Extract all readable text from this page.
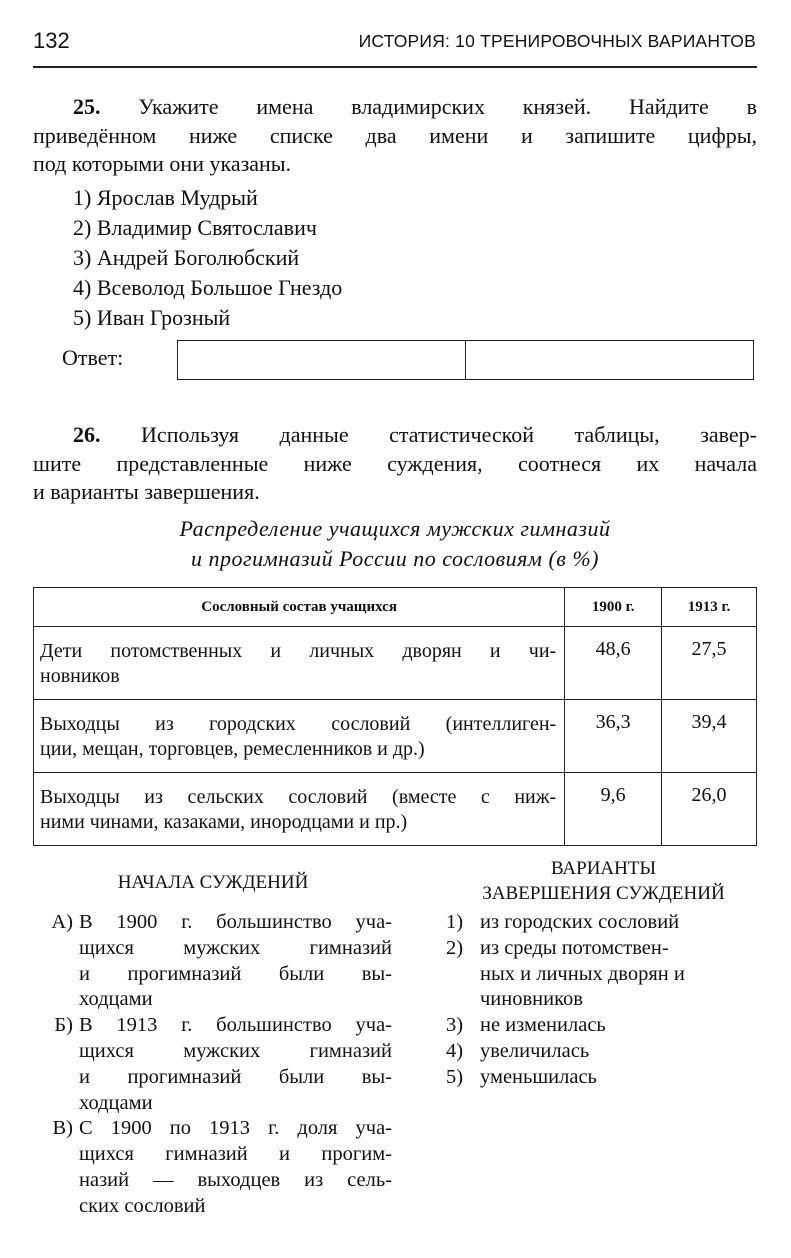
132	ИСТОРИЯ: 10 ТРЕНИРОВОЧНЫХ ВАРИАНТОВ
25. Укажите имена владимирских князей. Найдите в
приведённом ниже списке два имени и запишите цифры,
под которыми они указаны.
1) Ярослав Мудрый
2) Владимир Святославич
3) Андрей Боголюбский
4) Всеволод Большое Гнездо
5) Иван Грозный
Ответ:
26. Используя данные статистической таблицы, завер-
шите представленные ниже суждения, соотнеся их начала
и варианты завершения.
Распределение учащихся мужских гимназий
и прогимназий России по сословиям (в %)
Сословный состав учащихся	1900 г.	1913 г.

Дети потомственных и личных дворян и чи-
новников	48,6	27,5

Выходцы из городских сословий (интеллиген-
ции, мещан, торговцев, ремесленников и др.)	36,3	39,4

Выходцы из сельских сословий (вместе с ниж-
ними чинами, казаками, инородцами и пр.)	9,6	26,0
НАЧАЛА СУЖДЕНИЙ
ВАРИАНТЫ
ЗАВЕРШЕНИЯ СУЖДЕНИЙ
А) В 1900 г. большинство уча-
щихся мужских гимназий
и прогимназий были вы-
ходцами
Б) В 1913 г. большинство уча-
щихся мужских гимназий
и прогимназий были вы-
ходцами
В) С 1900 по 1913 г. доля уча-
щихся гимназий и прогим-
назий — выходцев из сель-
ских сословий
1) из городских сословий
2) из среды потомствен-
ных и личных дворян и
чиновников
3) не изменилась
4) увеличилась
5) уменьшилась
